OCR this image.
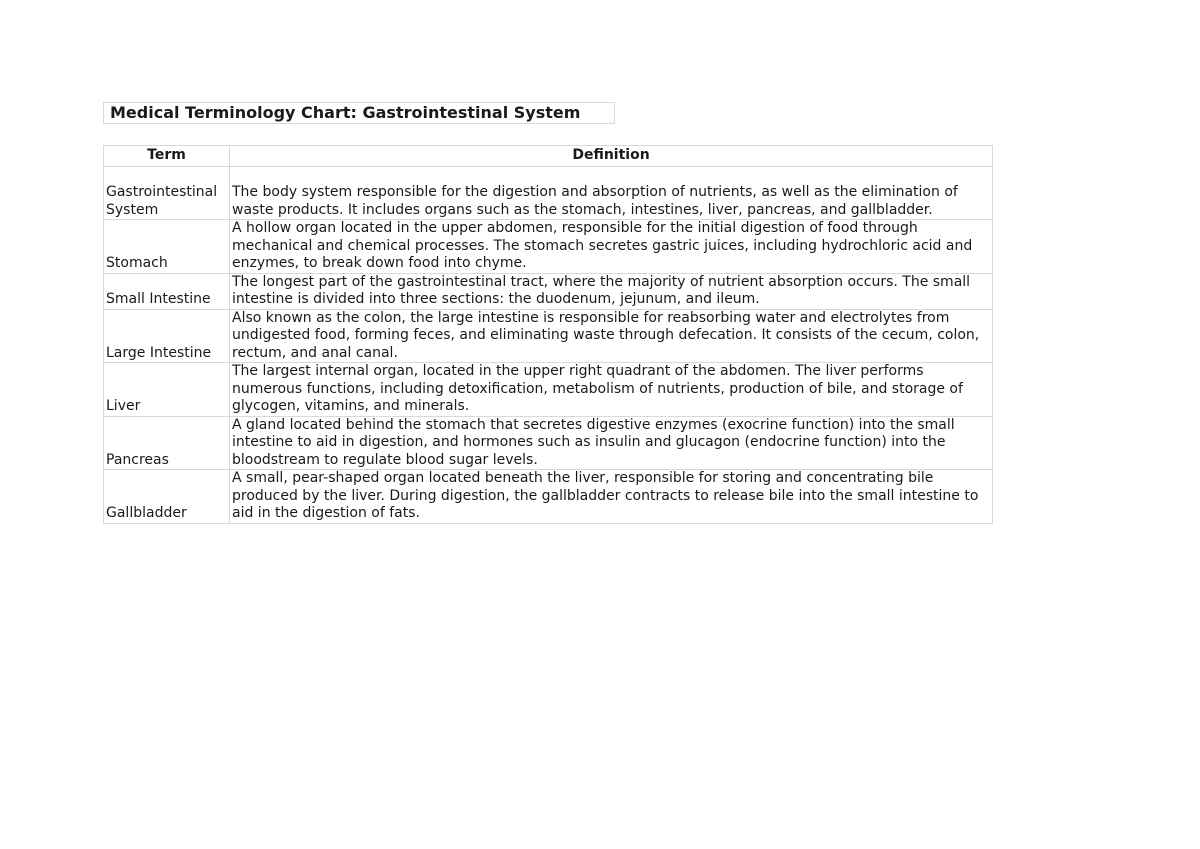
Medical Terminology Chart: Gastrointestinal System
Term	Definition
Gastrointestinal System	The body system responsible for the digestion and absorption of nutrients, as well as the elimination of waste products. It includes organs such as the stomach, intestines, liver, pancreas, and gallbladder.
Stomach	A hollow organ located in the upper abdomen, responsible for the initial digestion of food through mechanical and chemical processes. The stomach secretes gastric juices, including hydrochloric acid and enzymes, to break down food into chyme.
Small Intestine	The longest part of the gastrointestinal tract, where the majority of nutrient absorption occurs. The small intestine is divided into three sections: the duodenum, jejunum, and ileum.
Large Intestine	Also known as the colon, the large intestine is responsible for reabsorbing water and electrolytes from undigested food, forming feces, and eliminating waste through defecation. It consists of the cecum, colon, rectum, and anal canal.
Liver	The largest internal organ, located in the upper right quadrant of the abdomen. The liver performs numerous functions, including detoxification, metabolism of nutrients, production of bile, and storage of glycogen, vitamins, and minerals.
Pancreas	A gland located behind the stomach that secretes digestive enzymes (exocrine function) into the small intestine to aid in digestion, and hormones such as insulin and glucagon (endocrine function) into the bloodstream to regulate blood sugar levels.
Gallbladder	A small, pear-shaped organ located beneath the liver, responsible for storing and concentrating bile produced by the liver. During digestion, the gallbladder contracts to release bile into the small intestine to aid in the digestion of fats.
